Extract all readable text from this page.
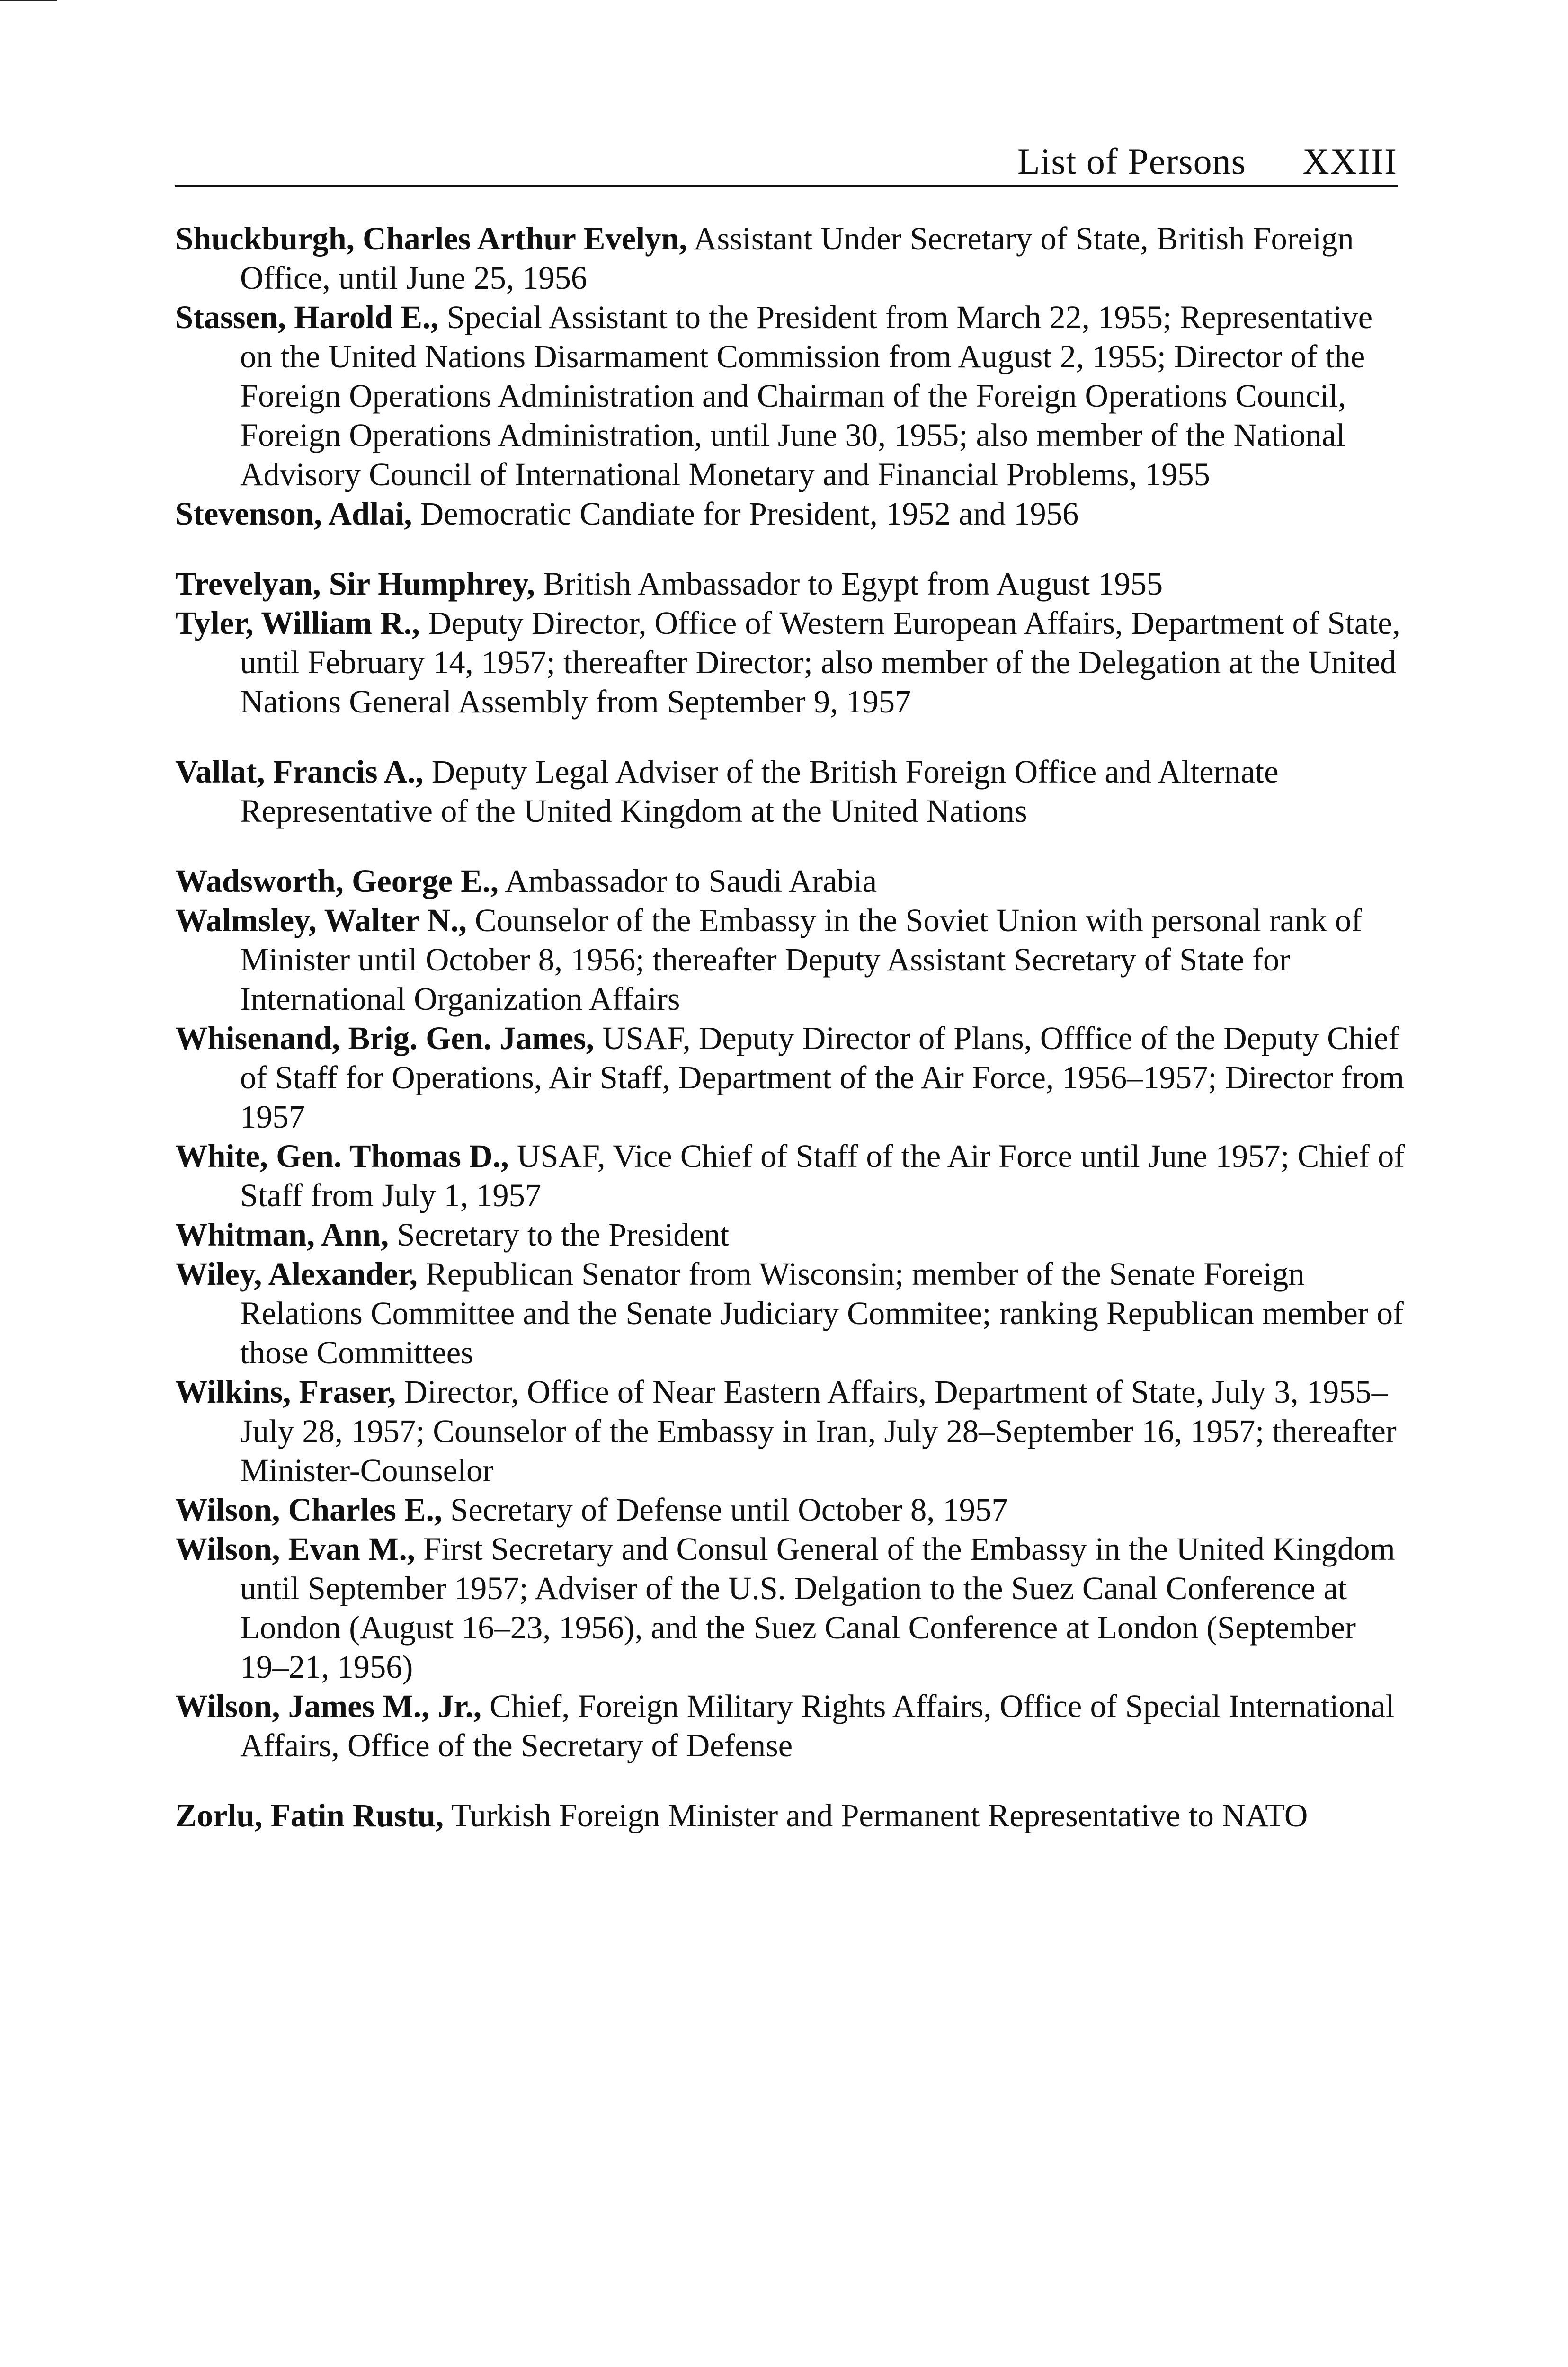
List of Persons XXIII

Shuckburgh, Charles Arthur Evelyn, Assistant Under Secretary of State, British Foreign Office, until June 25, 1956

Stassen, Harold E., Special Assistant to the President from March 22, 1955; Representative on the United Nations Disarmament Commission from August 2, 1955; Director of the Foreign Operations Administration and Chairman of the Foreign Operations Council, Foreign Operations Administration, until June 30, 1955; also member of the National Advisory Council of International Monetary and Financial Problems, 1955

Stevenson, Adlai, Democratic Candiate for President, 1952 and 1956

Trevelyan, Sir Humphrey, British Ambassador to Egypt from August 1955

Tyler, William R., Deputy Director, Office of Western European Affairs, Department of State, until February 14, 1957; thereafter Director; also member of the Delegation at the United Nations General Assembly from September 9, 1957

Vallat, Francis A., Deputy Legal Adviser of the British Foreign Office and Alternate Representative of the United Kingdom at the United Nations

Wadsworth, George E., Ambassador to Saudi Arabia

Walmsley, Walter N., Counselor of the Embassy in the Soviet Union with personal rank of Minister until October 8, 1956; thereafter Deputy Assistant Secretary of State for International Organization Affairs

Whisenand, Brig. Gen. James, USAF, Deputy Director of Plans, Offfice of the Deputy Chief of Staff for Operations, Air Staff, Department of the Air Force, 1956–1957; Director from 1957

White, Gen. Thomas D., USAF, Vice Chief of Staff of the Air Force until June 1957; Chief of Staff from July 1, 1957

Whitman, Ann, Secretary to the President

Wiley, Alexander, Republican Senator from Wisconsin; member of the Senate Foreign Relations Committee and the Senate Judiciary Commitee; ranking Republican member of those Committees

Wilkins, Fraser, Director, Office of Near Eastern Affairs, Department of State, July 3, 1955–July 28, 1957; Counselor of the Embassy in Iran, July 28–September 16, 1957; thereafter Minister-Counselor

Wilson, Charles E., Secretary of Defense until October 8, 1957

Wilson, Evan M., First Secretary and Consul General of the Embassy in the United Kingdom until September 1957; Adviser of the U.S. Delgation to the Suez Canal Conference at London (August 16–23, 1956), and the Suez Canal Conference at London (September 19–21, 1956)

Wilson, James M., Jr., Chief, Foreign Military Rights Affairs, Office of Special International Affairs, Office of the Secretary of Defense

Zorlu, Fatin Rustu, Turkish Foreign Minister and Permanent Representative to NATO
